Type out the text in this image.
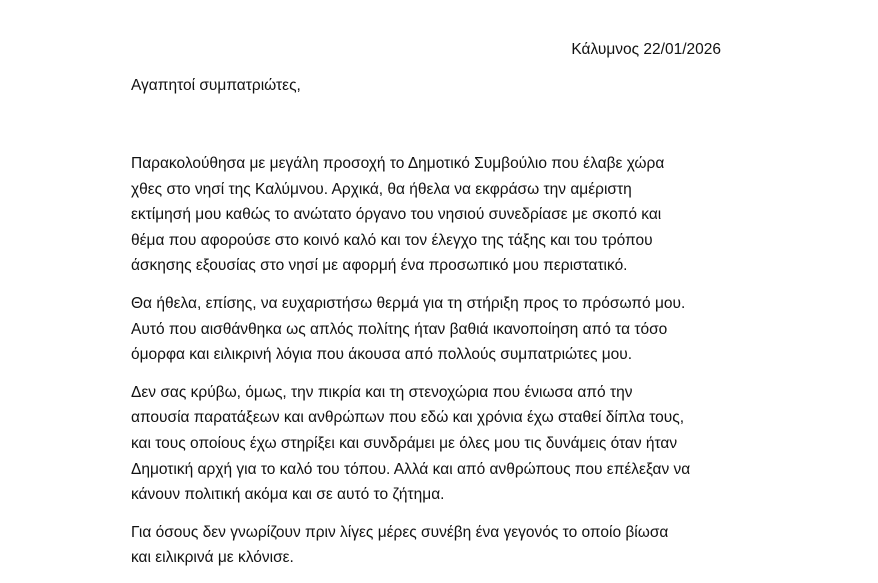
Κάλυμνος 22/01/2026
Αγαπητοί συμπατριώτες,

Παρακολούθησα με μεγάλη προσοχή το Δημοτικό Συμβούλιο που έλαβε χώρα
χθες στο νησί της Καλύμνου. Αρχικά, θα ήθελα να εκφράσω την αμέριστη
εκτίμησή μου καθώς το ανώτατο όργανο του νησιού συνεδρίασε με σκοπό και
θέμα που αφορούσε στο κοινό καλό και τον έλεγχο της τάξης και του τρόπου
άσκησης εξουσίας στο νησί με αφορμή ένα προσωπικό μου περιστατικό.

Θα ήθελα, επίσης, να ευχαριστήσω θερμά για τη στήριξη προς το πρόσωπό μου.
Αυτό που αισθάνθηκα ως απλός πολίτης ήταν βαθιά ικανοποίηση από τα τόσο
όμορφα και ειλικρινή λόγια που άκουσα από πολλούς συμπατριώτες μου.

Δεν σας κρύβω, όμως, την πικρία και τη στενοχώρια που ένιωσα από την
απουσία παρατάξεων και ανθρώπων που εδώ και χρόνια έχω σταθεί δίπλα τους,
και τους οποίους έχω στηρίξει και συνδράμει με όλες μου τις δυνάμεις όταν ήταν
Δημοτική αρχή για το καλό του τόπου. Αλλά και από ανθρώπους που επέλεξαν να
κάνουν πολιτική ακόμα και σε αυτό το ζήτημα.

Για όσους δεν γνωρίζουν πριν λίγες μέρες συνέβη ένα γεγονός το οποίο βίωσα
και ειλικρινά με κλόνισε.
